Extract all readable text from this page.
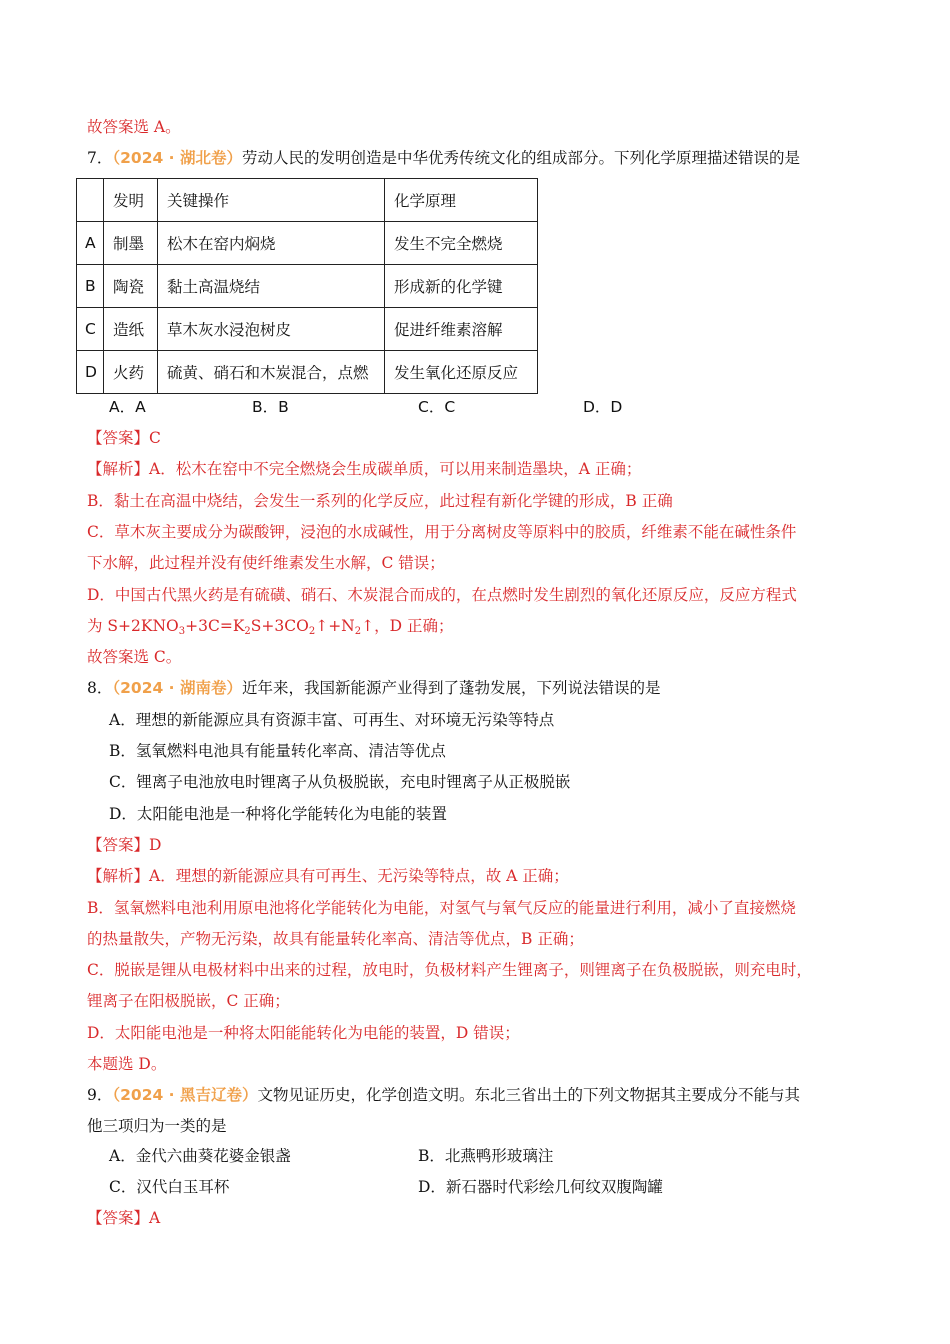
故答案选 A。
7．（2024 · 湖北卷）劳动人民的发明创造是中华优秀传统文化的组成部分。下列化学原理描述错误的是
	发明	关键操作	化学原理
A	制墨	松木在窑内焖烧	发生不完全燃烧
B	陶瓷	黏土高温烧结	形成新的化学键
C	造纸	草木灰水浸泡树皮	促进纤维素溶解
D	火药	硫黄、硝石和木炭混合，点燃	发生氧化还原反应
A．A	B．B	C．C	D．D
【答案】C
【解析】A．松木在窑中不完全燃烧会生成碳单质，可以用来制造墨块，A 正确；
B．黏土在高温中烧结，会发生一系列的化学反应，此过程有新化学键的形成，B 正确
C．草木灰主要成分为碳酸钾，浸泡的水成碱性，用于分离树皮等原料中的胶质，纤维素不能在碱性条件
下水解，此过程并没有使纤维素发生水解，C 错误；
D．中国古代黑火药是有硫磺、硝石、木炭混合而成的，在点燃时发生剧烈的氧化还原反应，反应方程式
为 $S+2KNO_3+3C=K_2S+3CO_2↑+N_2↑$，D 正确；
故答案选 C。
8．（2024 · 湖南卷）近年来，我国新能源产业得到了蓬勃发展，下列说法错误的是
A．理想的新能源应具有资源丰富、可再生、对环境无污染等特点
B．氢氧燃料电池具有能量转化率高、清洁等优点
C．锂离子电池放电时锂离子从负极脱嵌，充电时锂离子从正极脱嵌
D．太阳能电池是一种将化学能转化为电能的装置
【答案】D
【解析】A．理想的新能源应具有可再生、无污染等特点，故 A 正确；
B．氢氧燃料电池利用原电池将化学能转化为电能，对氢气与氧气反应的能量进行利用，减小了直接燃烧
的热量散失，产物无污染，故具有能量转化率高、清洁等优点，B 正确；
C．脱嵌是锂从电极材料中出来的过程，放电时，负极材料产生锂离子，则锂离子在负极脱嵌，则充电时，
锂离子在阳极脱嵌，C 正确；
D．太阳能电池是一种将太阳能能转化为电能的装置，D 错误；
本题选 D。
9．（2024 · 黑吉辽卷）文物见证历史，化学创造文明。东北三省出土的下列文物据其主要成分不能与其
他三项归为一类的是
A．金代六曲葵花婆金银盏	B．北燕鸭形玻璃注
C．汉代白玉耳杯	D．新石器时代彩绘几何纹双腹陶罐
【答案】A
